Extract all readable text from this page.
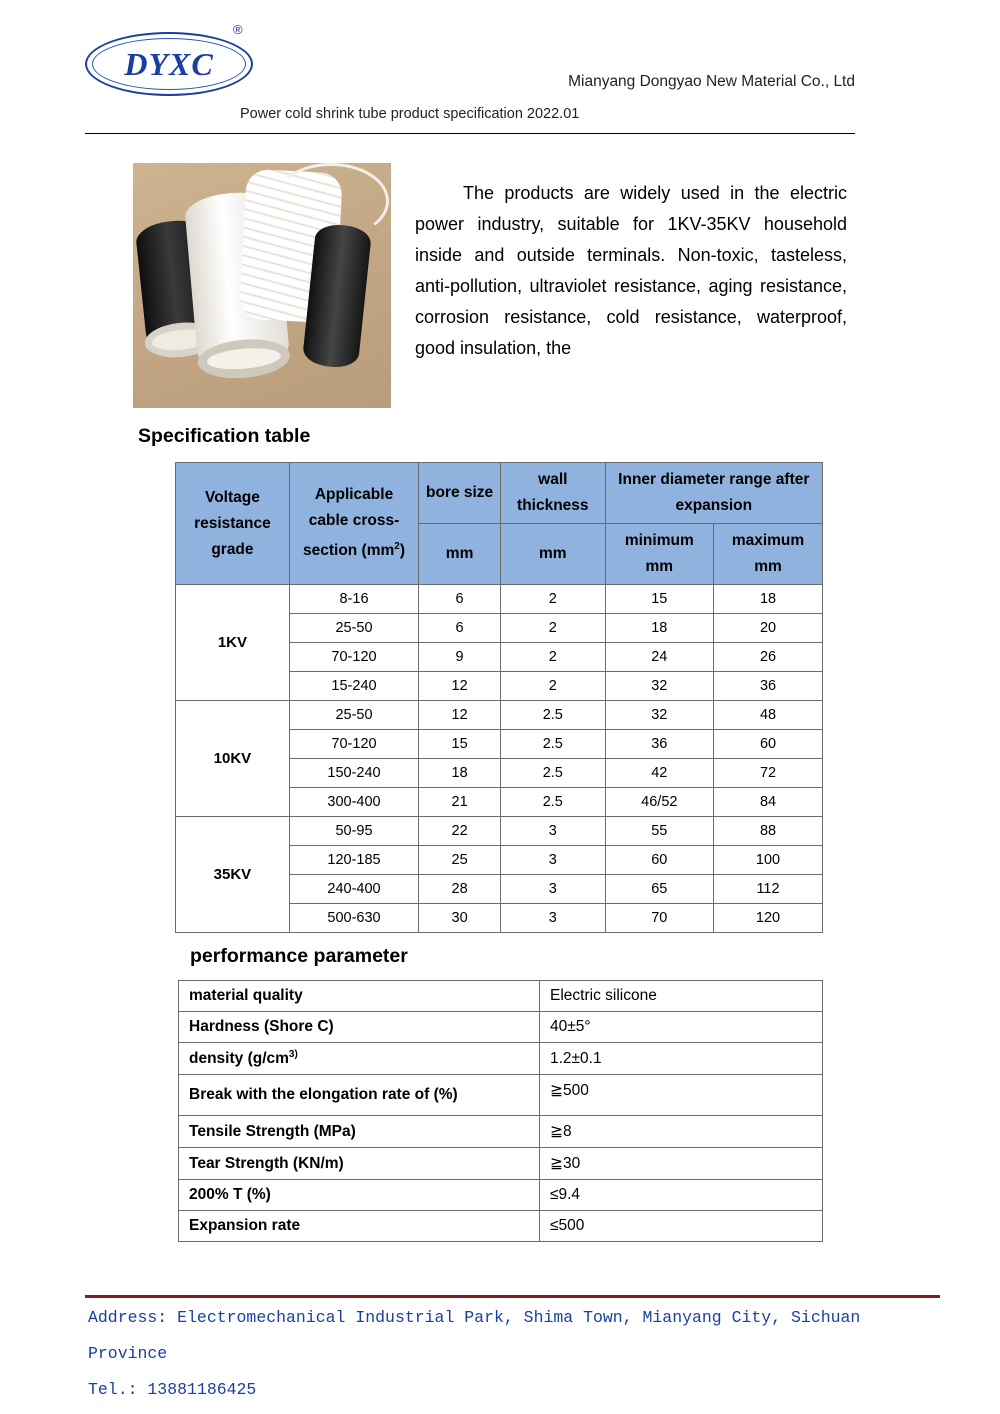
DYXC
®
Mianyang Dongyao New Material Co., Ltd
Power cold shrink tube product specification 2022.01
The products are widely used in the electric power industry, suitable for 1KV-35KV household inside and outside terminals. Non-toxic, tasteless, anti-pollution, ultraviolet resistance, aging resistance, corrosion resistance, cold resistance, waterproof, good insulation, the
Specification table
Voltage resistance grade	Applicable cable cross-section $(mm^2)$	bore size	wall thickness	Inner diameter range after expansion	
		mm	mm	minimum mm	maximum mm
1KV	8-16	6	2	15	18
	25-50	6	2	18	20
	70-120	9	2	24	26
	15-240	12	2	32	36
10KV	25-50	12	2.5	32	48
	70-120	15	2.5	36	60
	150-240	18	2.5	42	72
	300-400	21	2.5	46/52	84
35KV	50-95	22	3	55	88
	120-185	25	3	60	100
	240-400	28	3	65	112
	500-630	30	3	70	120
performance parameter
material quality	Electric silicone
Hardness (Shore C)	40±5°
density ($g/cm^{3)}$	1.2±0.1
Break with the elongation rate of (%)	≧500
Tensile Strength (MPa)	≧8
Tear Strength (KN/m)	≧30
200% T (%)	≤9.4
Expansion rate	≤500
Address: Electromechanical Industrial Park, Shima Town, Mianyang City, Sichuan Province
Tel.: 13881186425
